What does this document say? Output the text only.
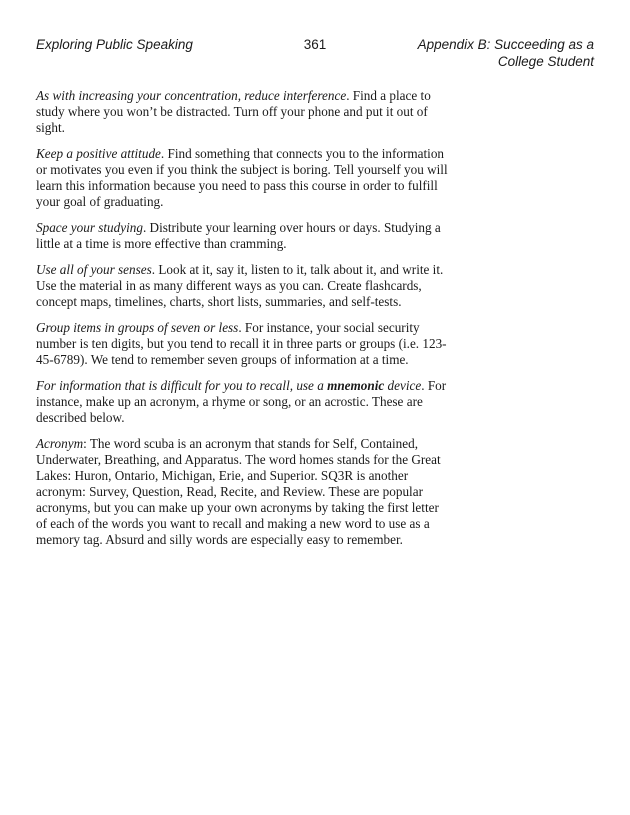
Exploring Public Speaking	361	Appendix B: Succeeding as a
College Student

As with increasing your concentration, reduce interference. Find a place to study where you won’t be distracted. Turn off your phone and put it out of sight.

Keep a positive attitude. Find something that connects you to the information or motivates you even if you think the subject is boring. Tell yourself you will learn this information because you need to pass this course in order to fulfill your goal of graduating.

Space your studying. Distribute your learning over hours or days. Studying a little at a time is more effective than cramming.

Use all of your senses. Look at it, say it, listen to it, talk about it, and write it. Use the material in as many different ways as you can. Create flashcards, concept maps, timelines, charts, short lists, summaries, and self-tests.

Group items in groups of seven or less. For instance, your social security number is ten digits, but you tend to recall it in three parts or groups (i.e. 123-45-6789). We tend to remember seven groups of information at a time.

For information that is difficult for you to recall, use a mnemonic device. For instance, make up an acronym, a rhyme or song, or an acrostic. These are described below.

Acronym: The word scuba is an acronym that stands for Self, Contained, Underwater, Breathing, and Apparatus. The word homes stands for the Great Lakes: Huron, Ontario, Michigan, Erie, and Superior. SQ3R is another acronym: Survey, Question, Read, Recite, and Review. These are popular acronyms, but you can make up your own acronyms by taking the first letter of each of the words you want to recall and making a new word to use as a memory tag. Absurd and silly words are especially easy to remember.
